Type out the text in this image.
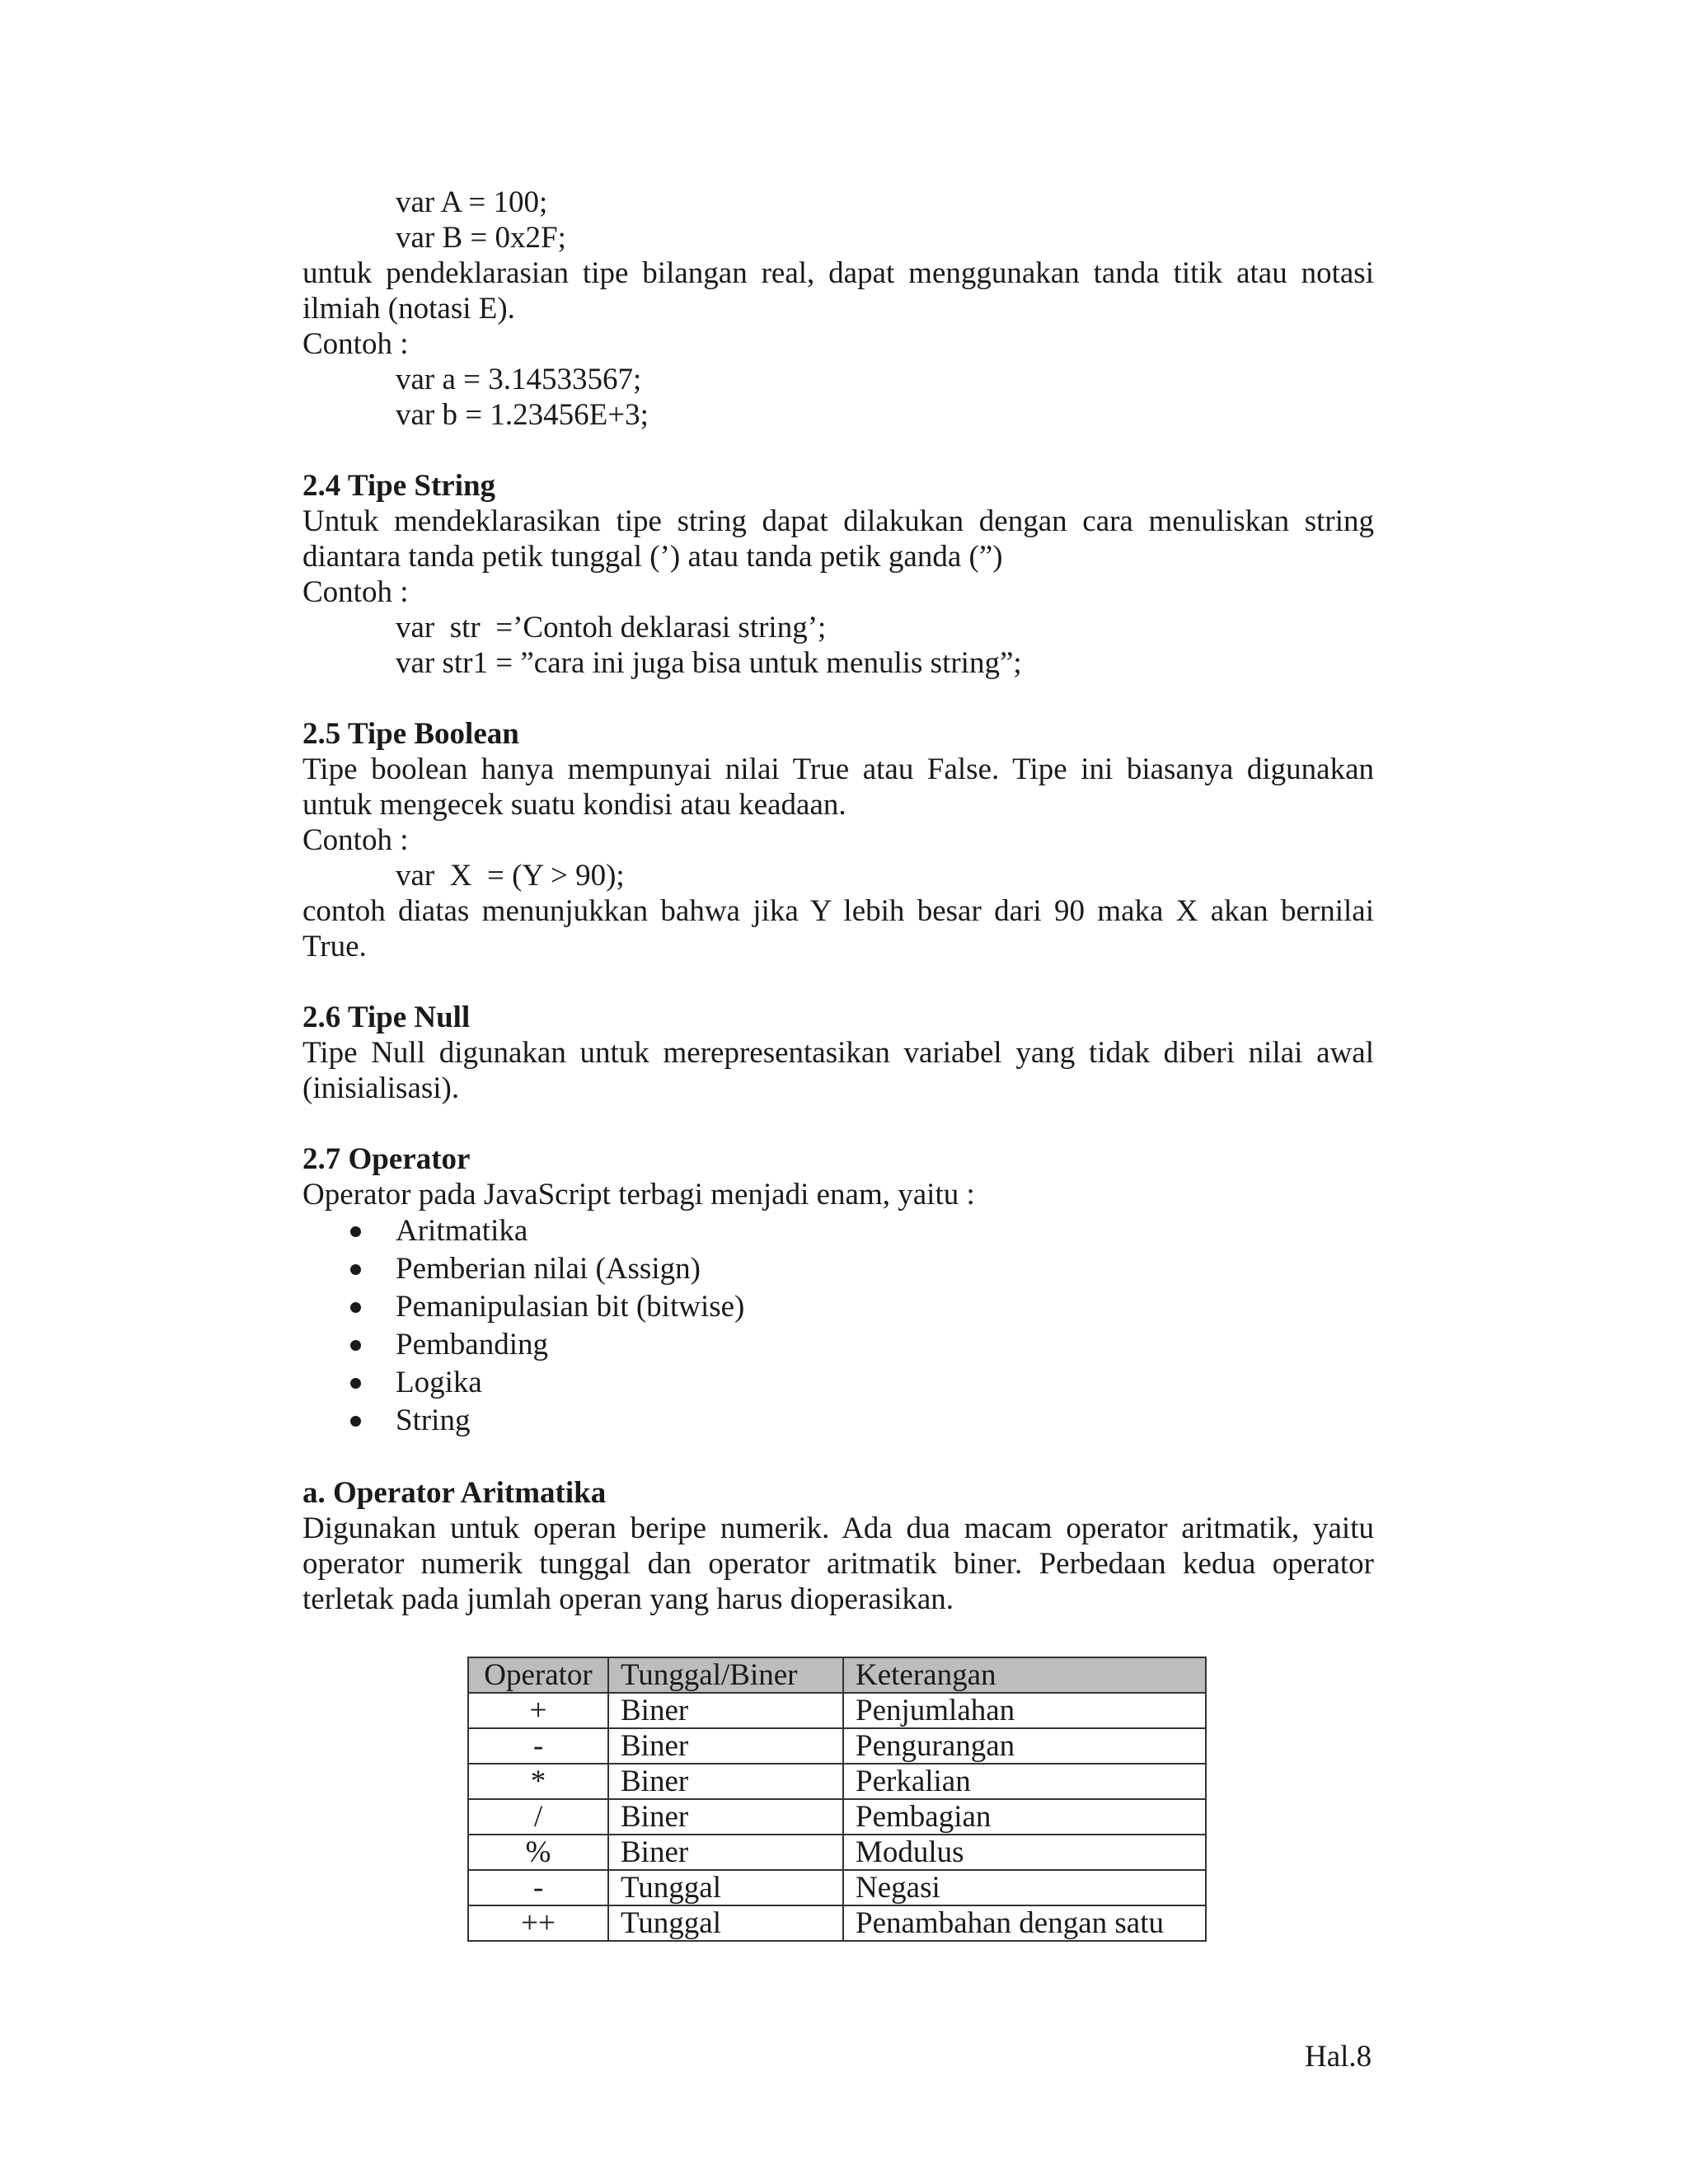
var A = 100;
var B = 0x2F;
untuk pendeklarasian tipe bilangan real, dapat menggunakan tanda titik atau notasi
ilmiah (notasi E).
Contoh :
var a = 3.14533567;
var b = 1.23456E+3;
2.4 Tipe String
Untuk mendeklarasikan tipe string dapat dilakukan dengan cara menuliskan string
diantara tanda petik tunggal (’) atau tanda petik ganda (”)
Contoh :
var  str  =’Contoh deklarasi string’;
var str1 = ”cara ini juga bisa untuk menulis string”;
2.5 Tipe Boolean
Tipe boolean hanya mempunyai nilai True atau False. Tipe ini biasanya digunakan
untuk mengecek suatu kondisi atau keadaan.
Contoh :
var  X  = (Y > 90);
contoh diatas menunjukkan bahwa jika Y lebih besar dari 90 maka X akan bernilai
True.
2.6 Tipe Null
Tipe Null digunakan untuk merepresentasikan variabel yang tidak diberi nilai awal
(inisialisasi).
2.7 Operator
Operator pada JavaScript terbagi menjadi enam, yaitu :
Aritmatika
Pemberian nilai (Assign)
Pemanipulasian bit (bitwise)
Pembanding
Logika
String
a. Operator Aritmatika
Digunakan untuk operan beripe numerik. Ada dua macam operator aritmatik, yaitu
operator numerik tunggal dan operator aritmatik biner. Perbedaan kedua operator
terletak pada jumlah operan yang harus dioperasikan.
Operator	Tunggal/Biner	Keterangan
+	Biner	Penjumlahan
-	Biner	Pengurangan
*	Biner	Perkalian
/	Biner	Pembagian
%	Biner	Modulus
-	Tunggal	Negasi
++	Tunggal	Penambahan dengan satu
Hal.8
